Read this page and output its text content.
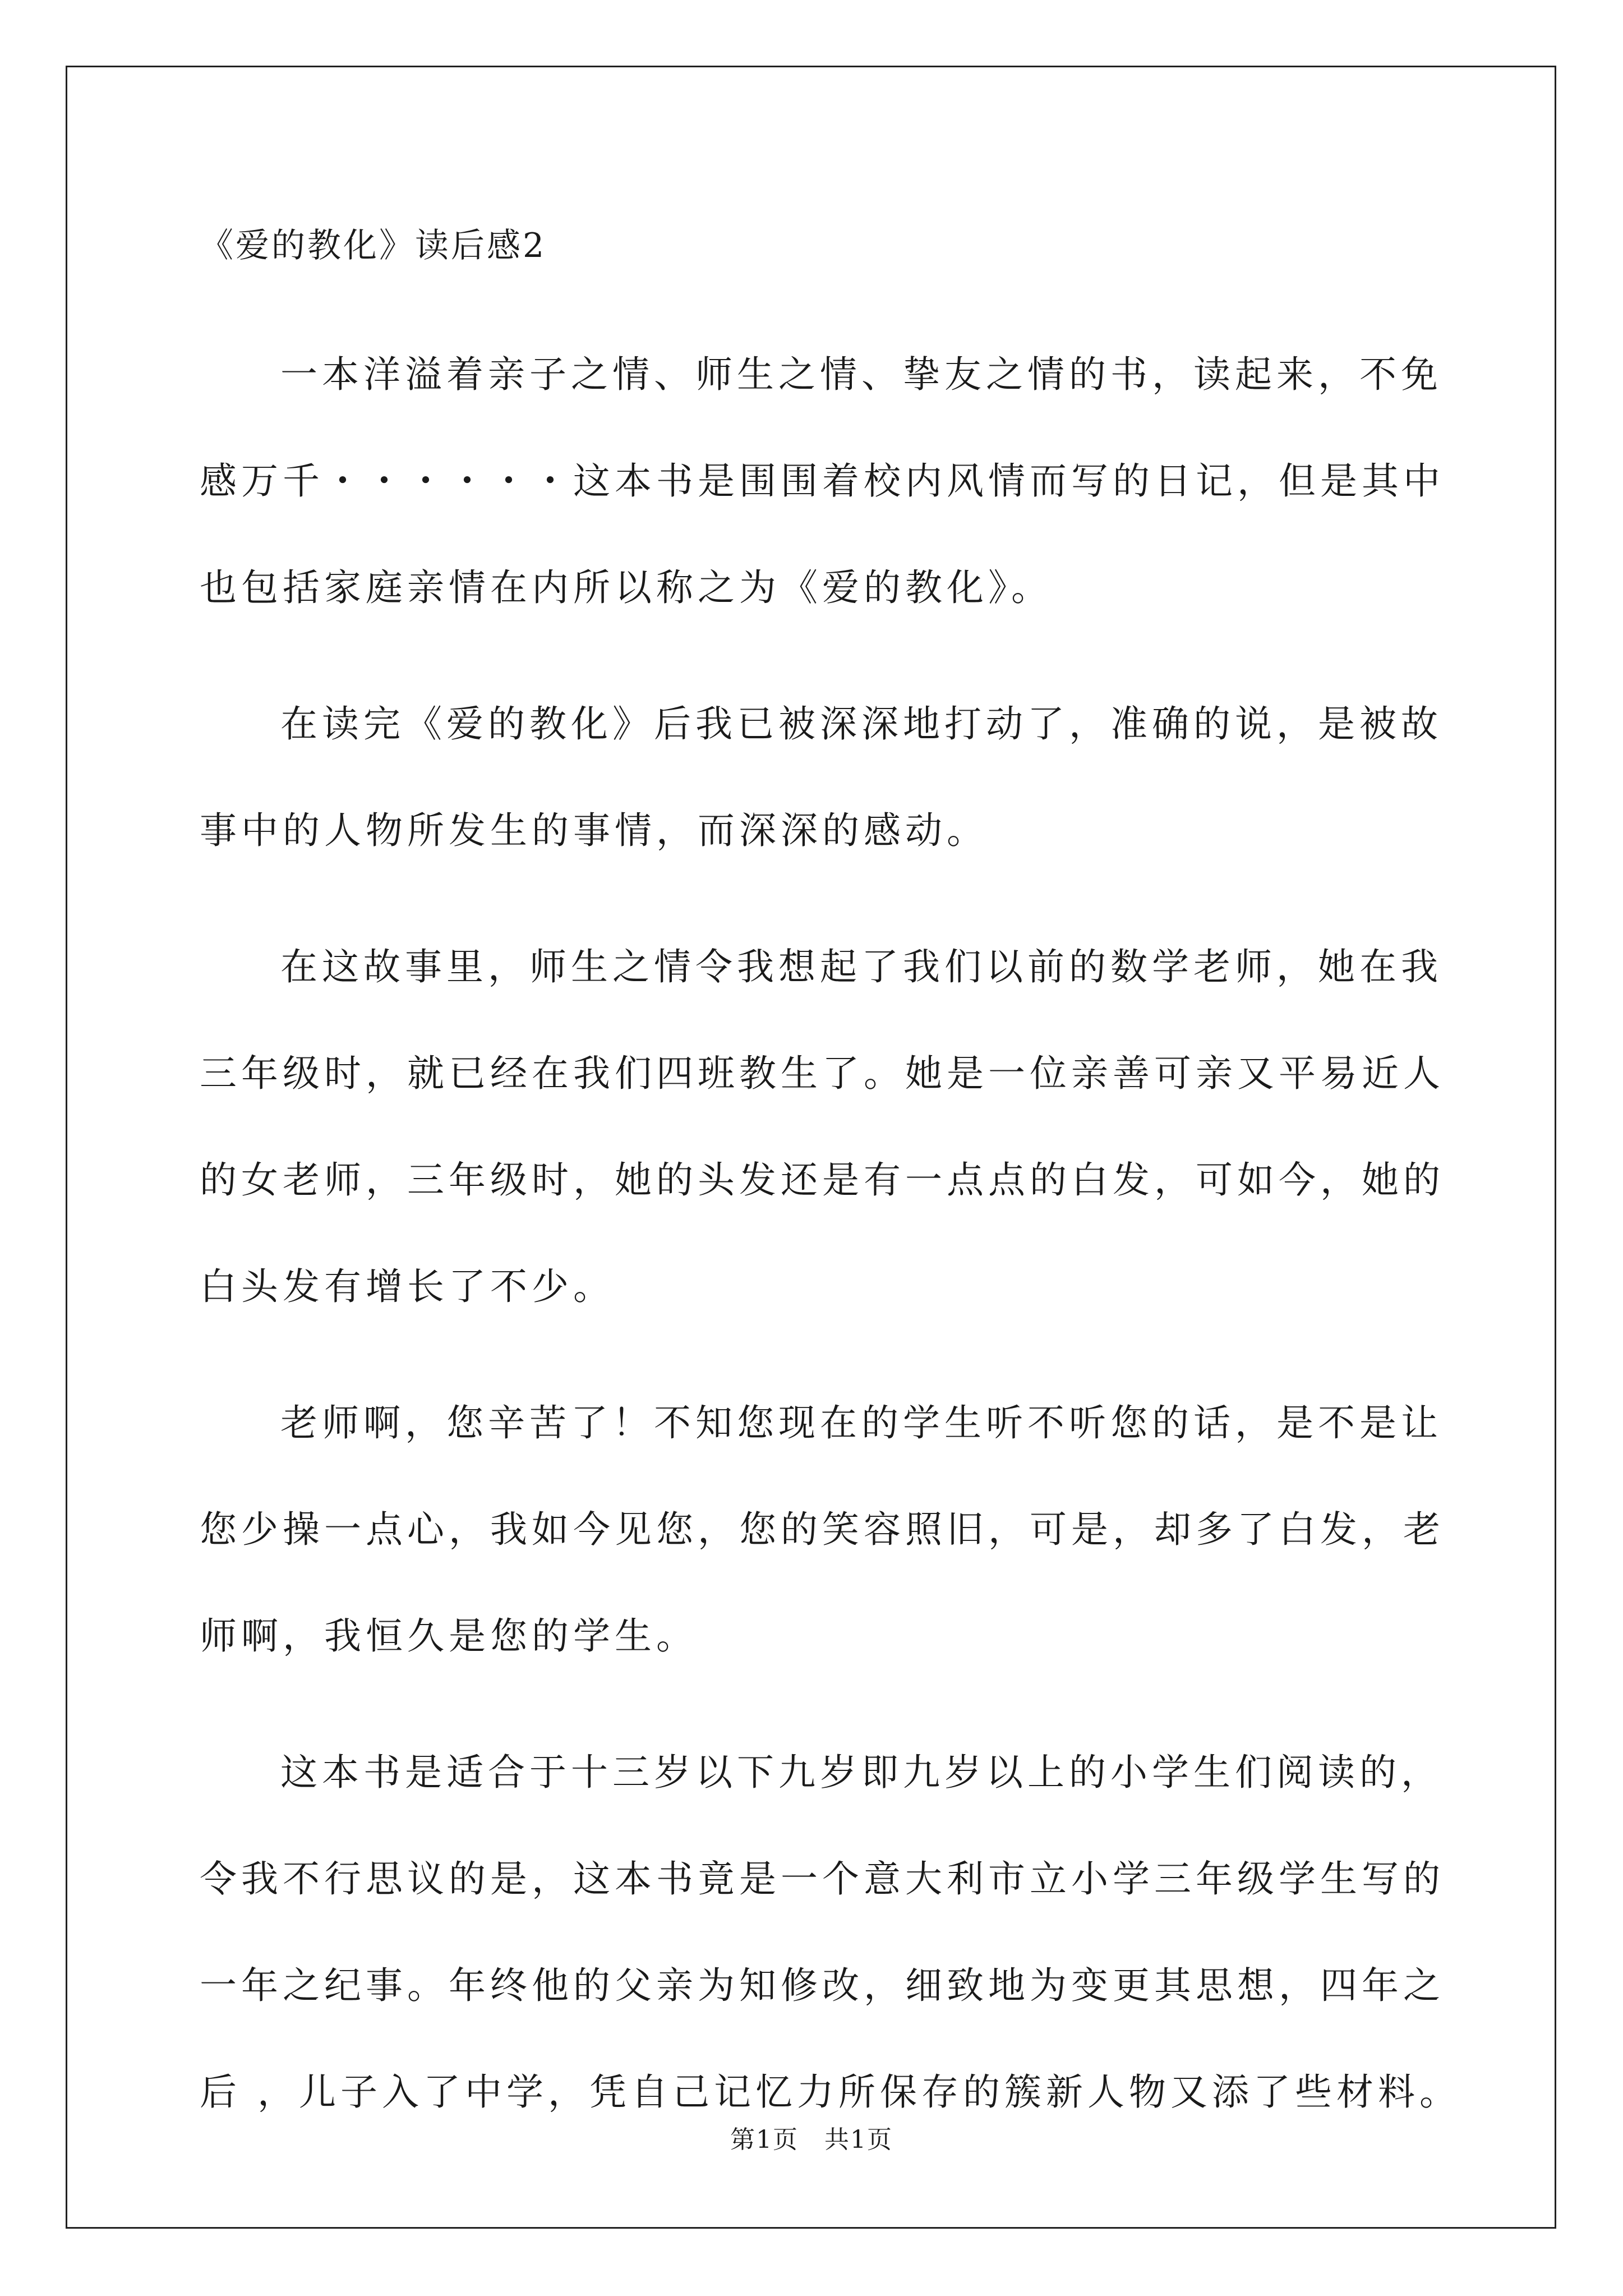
《爱的教化》读后感2

一本洋溢着亲子之情、师生之情、挚友之情的书，读起来，不免
感万千・・・・・・这本书是围围着校内风情而写的日记，但是其中
也包括家庭亲情在内所以称之为《爱的教化》。

在读完《爱的教化》后我已被深深地打动了，准确的说，是被故
事中的人物所发生的事情，而深深的感动。

在这故事里，师生之情令我想起了我们以前的数学老师，她在我
三年级时，就已经在我们四班教生了。她是一位亲善可亲又平易近人
的女老师，三年级时，她的头发还是有一点点的白发，可如今，她的
白头发有增长了不少。

老师啊，您辛苦了！不知您现在的学生听不听您的话，是不是让
您少操一点心，我如今见您，您的笑容照旧，可是，却多了白发，老
师啊，我恒久是您的学生。

这本书是适合于十三岁以下九岁即九岁以上的小学生们阅读的，
令我不行思议的是，这本书竟是一个意大利市立小学三年级学生写的
一年之纪事。年终他的父亲为知修改，细致地为变更其思想，四年之
后 ，儿子入了中学，凭自己记忆力所保存的簇新人物又添了些材料。

第1页　共1页
